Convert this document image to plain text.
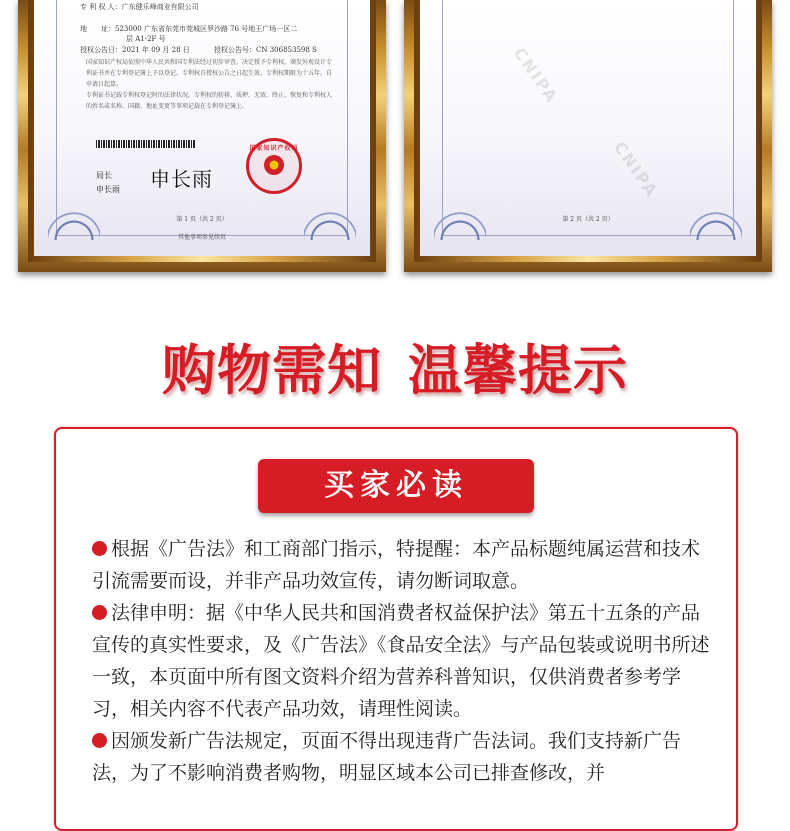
专 利 权 人：广东健乐峰商业有限公司
地　　址：523000 广东省东莞市莞城区罗沙路 76 号地王广场一区二
层 A1-2F 号
授权公告日：2021 年 09 月 28 日	授权公告号：CN 306853598 S
国家知识产权局依照中华人民共和国专利法经过初步审查，决定授予专利权，颁发外观设计专利证书并在专利登记簿上予以登记。专利权自授权公告之日起生效。专利权期限为十五年，自申请日起算。
专利证书记载专利权登记时的法律状况。专利权的转移、质押、无效、终止、恢复和专利权人的姓名或名称、国籍、地址变更等事项记载在专利登记簿上。
局长
申长雨 申长雨
国家知识产权局
第 1 页（共 2 页）
其他事项参见续页
CNIPA
CNIPA
第 2 页（共 2 页）
购物需知 温馨提示
买家必读
根据《广告法》和工商部门指示，特提醒：本产品标题纯属运营和技术引流需要而设，并非产品功效宣传，请勿断词取意。
法律申明：据《中华人民共和国消费者权益保护法》第五十五条的产品宣传的真实性要求，及《广告法》《食品安全法》与产品包装或说明书所述一致，本页面中所有图文资料介绍为营养科普知识，仅供消费者参考学习，相关内容不代表产品功效，请理性阅读。
因颁发新广告法规定，页面不得出现违背广告法词。我们支持新广告法，为了不影响消费者购物，明显区域本公司已排查修改，并
